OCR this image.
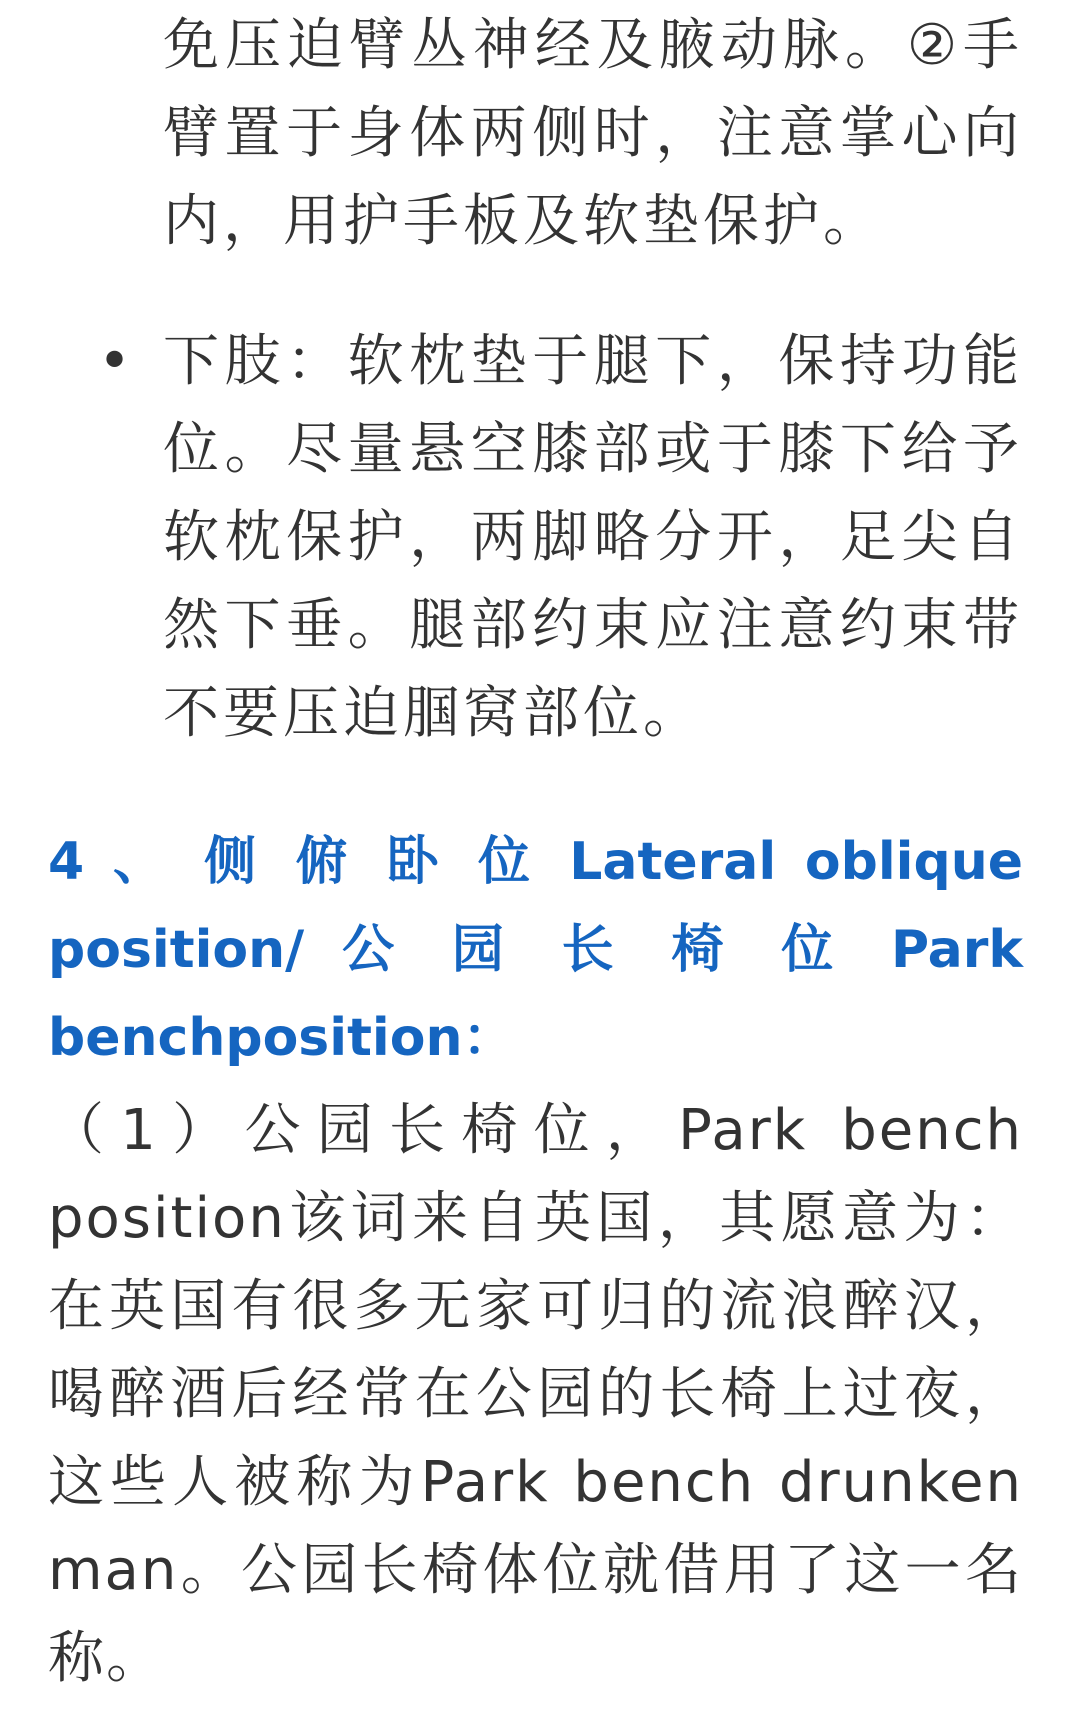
免压迫臂丛神经及腋动脉。②手臂置于身体两侧时，注意掌心向内，用护手板及软垫保护。

• 下肢：软枕垫于腿下，保持功能位。尽量悬空膝部或于膝下给予软枕保护，两脚略分开，足尖自然下垂。腿部约束应注意约束带不要压迫腘窝部位。

4 、 侧 俯 卧 位 Lateral oblique position/ 公 园 长 椅 位 Park benchposition：

（1）公园长椅位，Park bench position该词来自英国，其愿意为：在英国有很多无家可归的流浪醉汉，喝醉酒后经常在公园的长椅上过夜，这些人被称为Park bench drunken man。公园长椅体位就借用了这一名称。
